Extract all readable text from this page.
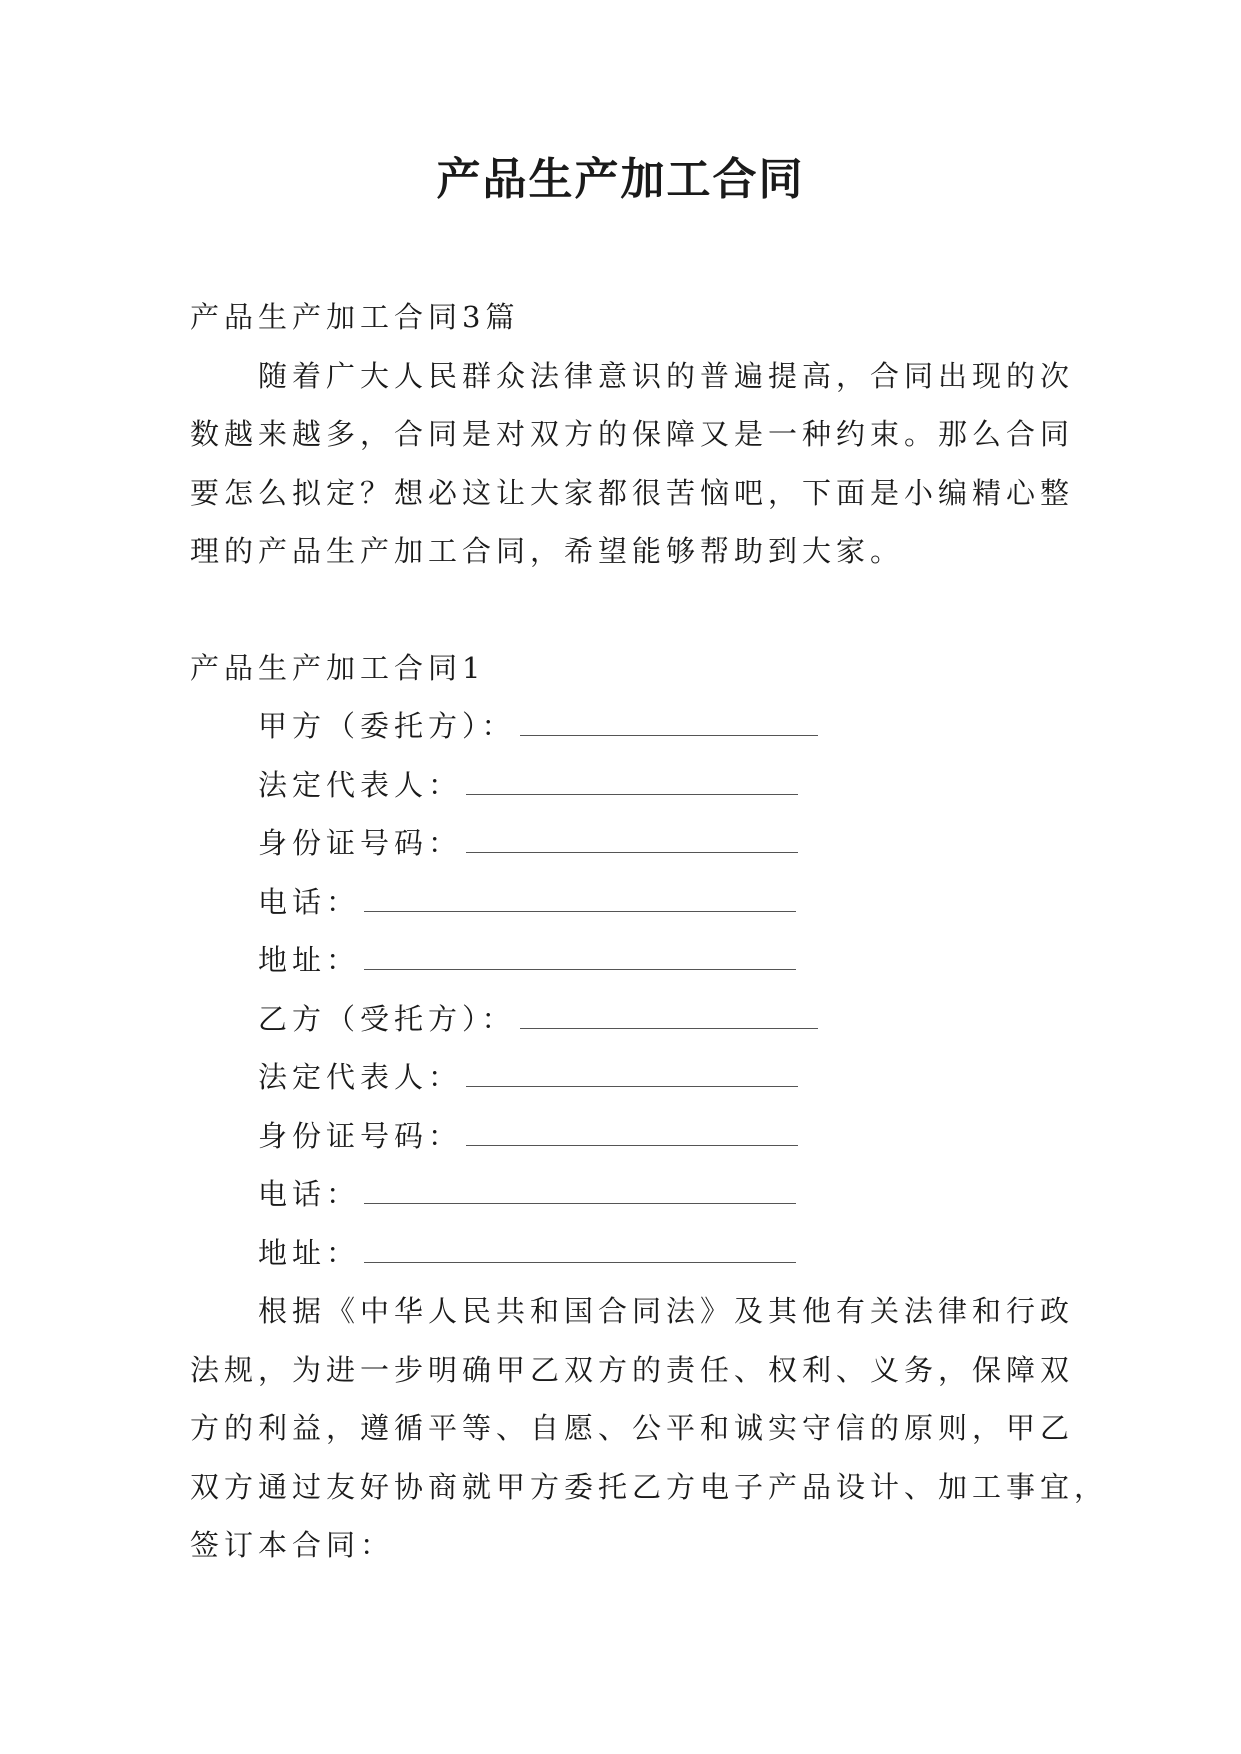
产品生产加工合同
产品生产加工合同3篇
随着广大人民群众法律意识的普遍提高，合同出现的次
数越来越多，合同是对双方的保障又是一种约束。那么合同
要怎么拟定？想必这让大家都很苦恼吧，下面是小编精心整
理的产品生产加工合同，希望能够帮助到大家。
产品生产加工合同1
甲方（委托方）：
法定代表人：
身份证号码：
电话：
地址：
乙方（受托方）：
法定代表人：
身份证号码：
电话：
地址：
根据《中华人民共和国合同法》及其他有关法律和行政
法规，为进一步明确甲乙双方的责任、权利、义务，保障双
方的利益，遵循平等、自愿、公平和诚实守信的原则，甲乙
双方通过友好协商就甲方委托乙方电子产品设计、加工事宜，
签订本合同：
